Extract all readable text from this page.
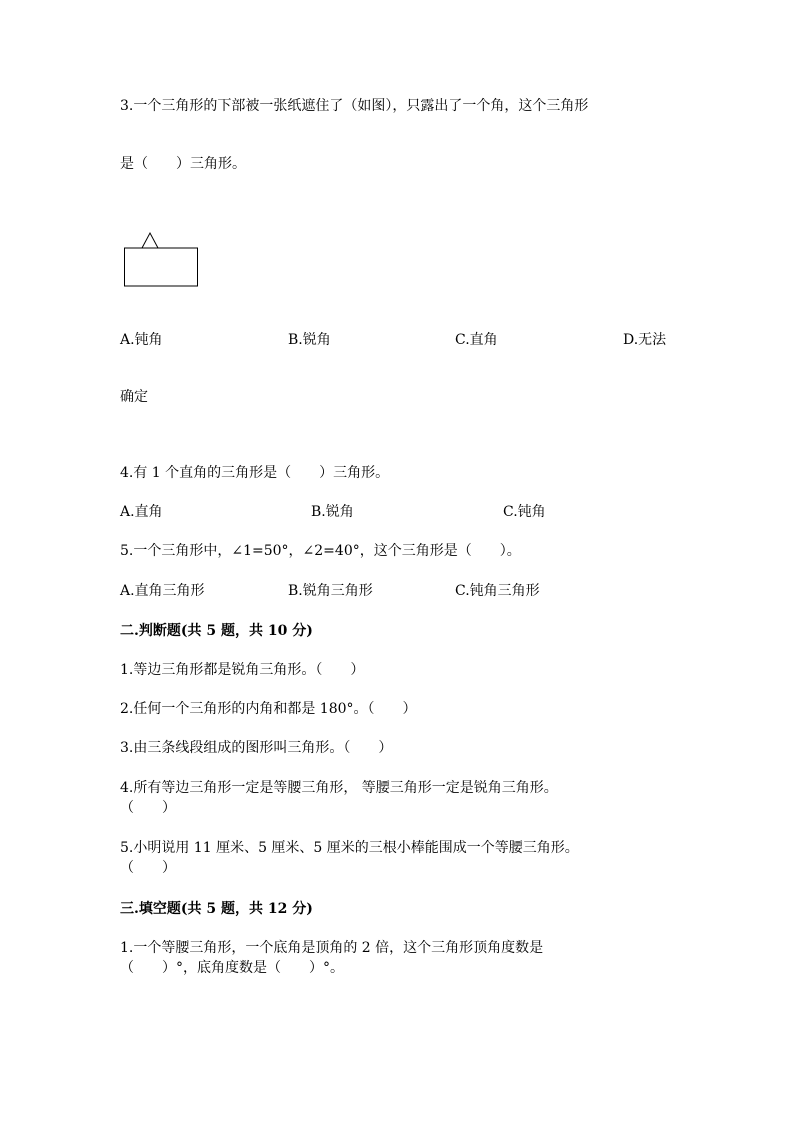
3.一个三角形的下部被一张纸遮住了（如图），只露出了一个角，这个三角形
是（　　）三角形。
A.钝角	B.锐角	C.直角	D.无法
确定
4.有 1 个直角的三角形是（　　）三角形。
A.直角	B.锐角	C.钝角
5.一个三角形中，∠1=50°，∠2=40°，这个三角形是（　　）。
A.直角三角形	B.锐角三角形	C.钝角三角形
二.判断题(共 5 题，共 10 分)
1.等边三角形都是锐角三角形。（　　）
2.任何一个三角形的内角和都是 180°。（　　）
3.由三条线段组成的图形叫三角形。（　　）
4.所有等边三角形一定是等腰三角形， 等腰三角形一定是锐角三角形。
（　　）
5.小明说用 11 厘米、5 厘米、5 厘米的三根小棒能围成一个等腰三角形。
（　　）
三.填空题(共 5 题，共 12 分)
1.一个等腰三角形，一个底角是顶角的 2 倍，这个三角形顶角度数是
（　　）°，底角度数是（　　）°。
